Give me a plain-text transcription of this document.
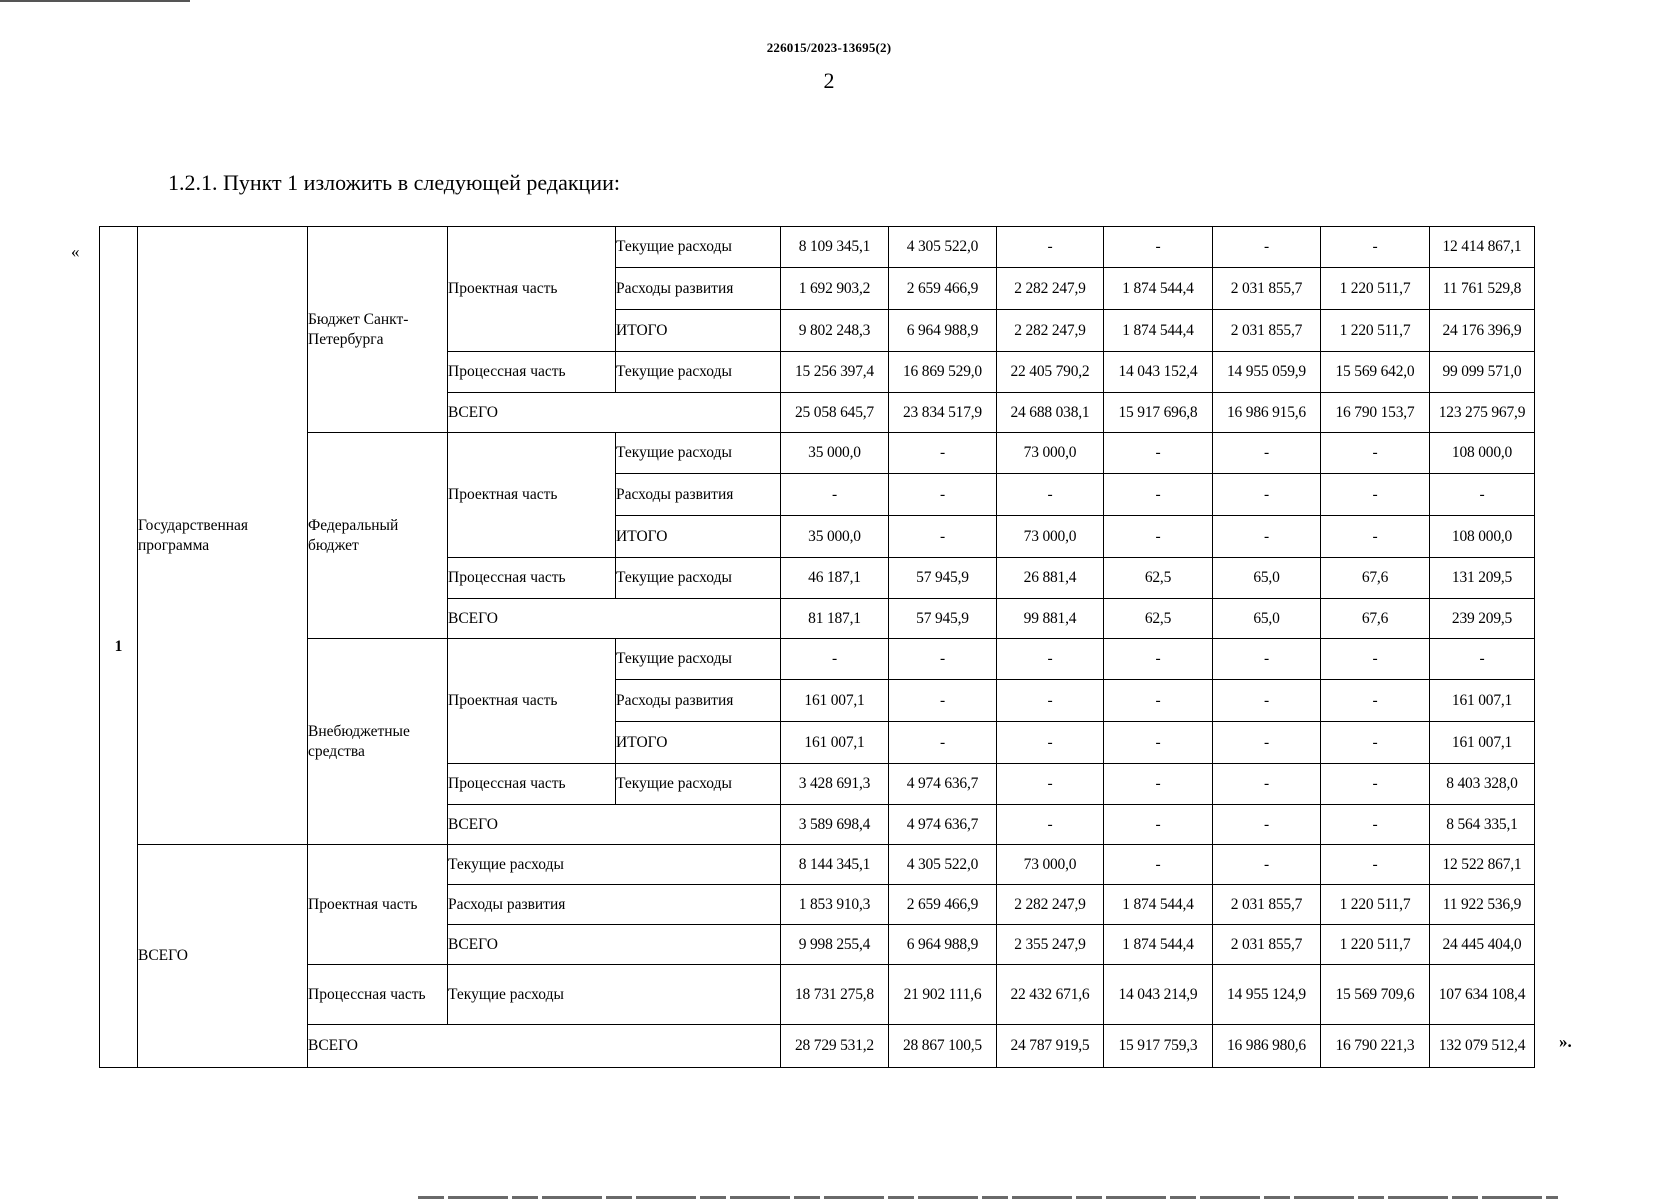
226015/2023-13695(2)
2
1.2.1. Пункт 1 изложить в следующей редакции:
«
».
1	Государственная программа	Бюджет Санкт-Петербурга	Проектная часть	Текущие расходы	8 109 345,1	4 305 522,0	-	-	-	-	12 414 867,1
				Расходы развития	1 692 903,2	2 659 466,9	2 282 247,9	1 874 544,4	2 031 855,7	1 220 511,7	11 761 529,8
				ИТОГО	9 802 248,3	6 964 988,9	2 282 247,9	1 874 544,4	2 031 855,7	1 220 511,7	24 176 396,9
			Процессная часть	Текущие расходы	15 256 397,4	16 869 529,0	22 405 790,2	14 043 152,4	14 955 059,9	15 569 642,0	99 099 571,0
			ВСЕГО		25 058 645,7	23 834 517,9	24 688 038,1	15 917 696,8	16 986 915,6	16 790 153,7	123 275 967,9
		Федеральный бюджет	Проектная часть	Текущие расходы	35 000,0	-	73 000,0	-	-	-	108 000,0
				Расходы развития	-	-	-	-	-	-	-
				ИТОГО	35 000,0	-	73 000,0	-	-	-	108 000,0
			Процессная часть	Текущие расходы	46 187,1	57 945,9	26 881,4	62,5	65,0	67,6	131 209,5
			ВСЕГО		81 187,1	57 945,9	99 881,4	62,5	65,0	67,6	239 209,5
		Внебюджетные средства	Проектная часть	Текущие расходы	-	-	-	-	-	-	-
				Расходы развития	161 007,1	-	-	-	-	-	161 007,1
				ИТОГО	161 007,1	-	-	-	-	-	161 007,1
			Процессная часть	Текущие расходы	3 428 691,3	4 974 636,7	-	-	-	-	8 403 328,0
			ВСЕГО		3 589 698,4	4 974 636,7	-	-	-	-	8 564 335,1
	ВСЕГО	Проектная часть	Текущие расходы		8 144 345,1	4 305 522,0	73 000,0	-	-	-	12 522 867,1
			Расходы развития		1 853 910,3	2 659 466,9	2 282 247,9	1 874 544,4	2 031 855,7	1 220 511,7	11 922 536,9
			ВСЕГО		9 998 255,4	6 964 988,9	2 355 247,9	1 874 544,4	2 031 855,7	1 220 511,7	24 445 404,0
		Процессная часть	Текущие расходы		18 731 275,8	21 902 111,6	22 432 671,6	14 043 214,9	14 955 124,9	15 569 709,6	107 634 108,4
		ВСЕГО			28 729 531,2	28 867 100,5	24 787 919,5	15 917 759,3	16 986 980,6	16 790 221,3	132 079 512,4
